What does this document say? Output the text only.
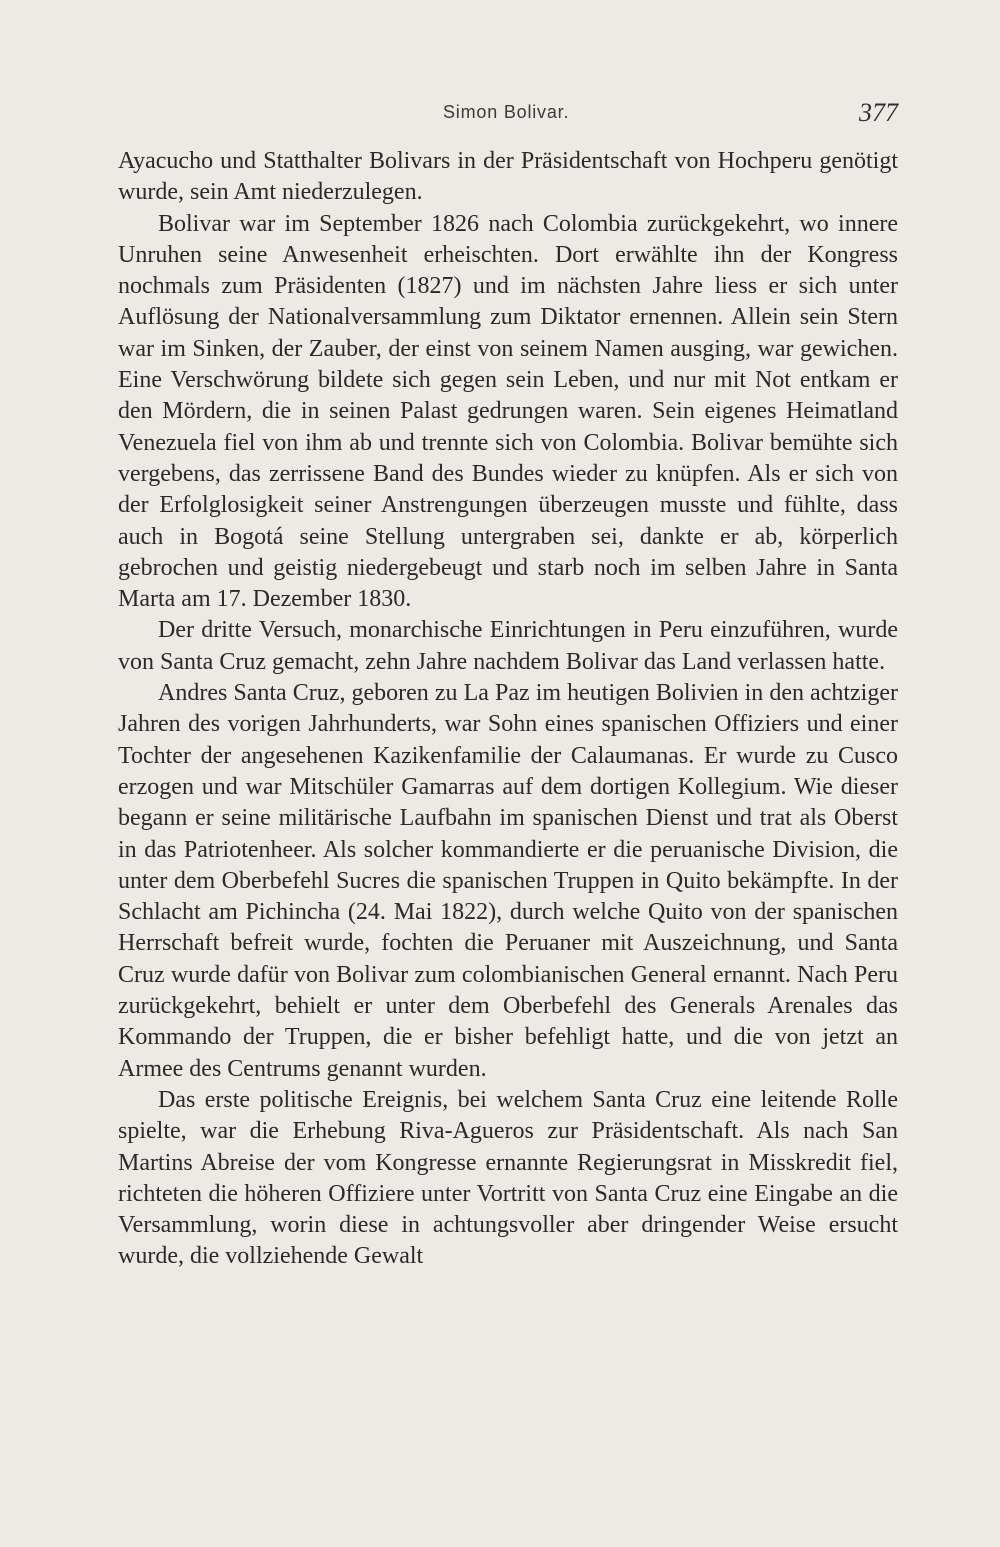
Simon Bolivar.	377

Ayacucho und Statthalter Bolivars in der Präsidentschaft von Hochperu genötigt wurde, sein Amt niederzulegen.

Bolivar war im September 1826 nach Colombia zurückgekehrt, wo innere Unruhen seine Anwesenheit erheischten. Dort erwählte ihn der Kongress nochmals zum Präsidenten (1827) und im nächsten Jahre liess er sich unter Auflösung der Nationalversammlung zum Diktator ernennen. Allein sein Stern war im Sinken, der Zauber, der einst von seinem Namen ausging, war gewichen. Eine Verschwörung bildete sich gegen sein Leben, und nur mit Not entkam er den Mördern, die in seinen Palast gedrungen waren. Sein eigenes Heimatland Venezuela fiel von ihm ab und trennte sich von Colombia. Bolivar bemühte sich vergebens, das zerrissene Band des Bundes wieder zu knüpfen. Als er sich von der Erfolglosigkeit seiner Anstrengungen überzeugen musste und fühlte, dass auch in Bogotá seine Stellung untergraben sei, dankte er ab, körperlich gebrochen und geistig niedergebeugt und starb noch im selben Jahre in Santa Marta am 17. Dezember 1830.

Der dritte Versuch, monarchische Einrichtungen in Peru einzuführen, wurde von Santa Cruz gemacht, zehn Jahre nachdem Bolivar das Land verlassen hatte.

Andres Santa Cruz, geboren zu La Paz im heutigen Bolivien in den achtziger Jahren des vorigen Jahrhunderts, war Sohn eines spanischen Offiziers und einer Tochter der angesehenen Kazikenfamilie der Calaumanas. Er wurde zu Cusco erzogen und war Mitschüler Gamarras auf dem dortigen Kollegium. Wie dieser begann er seine militärische Laufbahn im spanischen Dienst und trat als Oberst in das Patriotenheer. Als solcher kommandierte er die peruanische Division, die unter dem Oberbefehl Sucres die spanischen Truppen in Quito bekämpfte. In der Schlacht am Pichincha (24. Mai 1822), durch welche Quito von der spanischen Herrschaft befreit wurde, fochten die Peruaner mit Auszeichnung, und Santa Cruz wurde dafür von Bolivar zum colombianischen General ernannt. Nach Peru zurückgekehrt, behielt er unter dem Oberbefehl des Generals Arenales das Kommando der Truppen, die er bisher befehligt hatte, und die von jetzt an Armee des Centrums genannt wurden.

Das erste politische Ereignis, bei welchem Santa Cruz eine leitende Rolle spielte, war die Erhebung Riva-Agueros zur Präsidentschaft. Als nach San Martins Abreise der vom Kongresse ernannte Regierungsrat in Misskredit fiel, richteten die höheren Offiziere unter Vortritt von Santa Cruz eine Eingabe an die Versammlung, worin diese in achtungsvoller aber dringender Weise ersucht wurde, die vollziehende Gewalt
